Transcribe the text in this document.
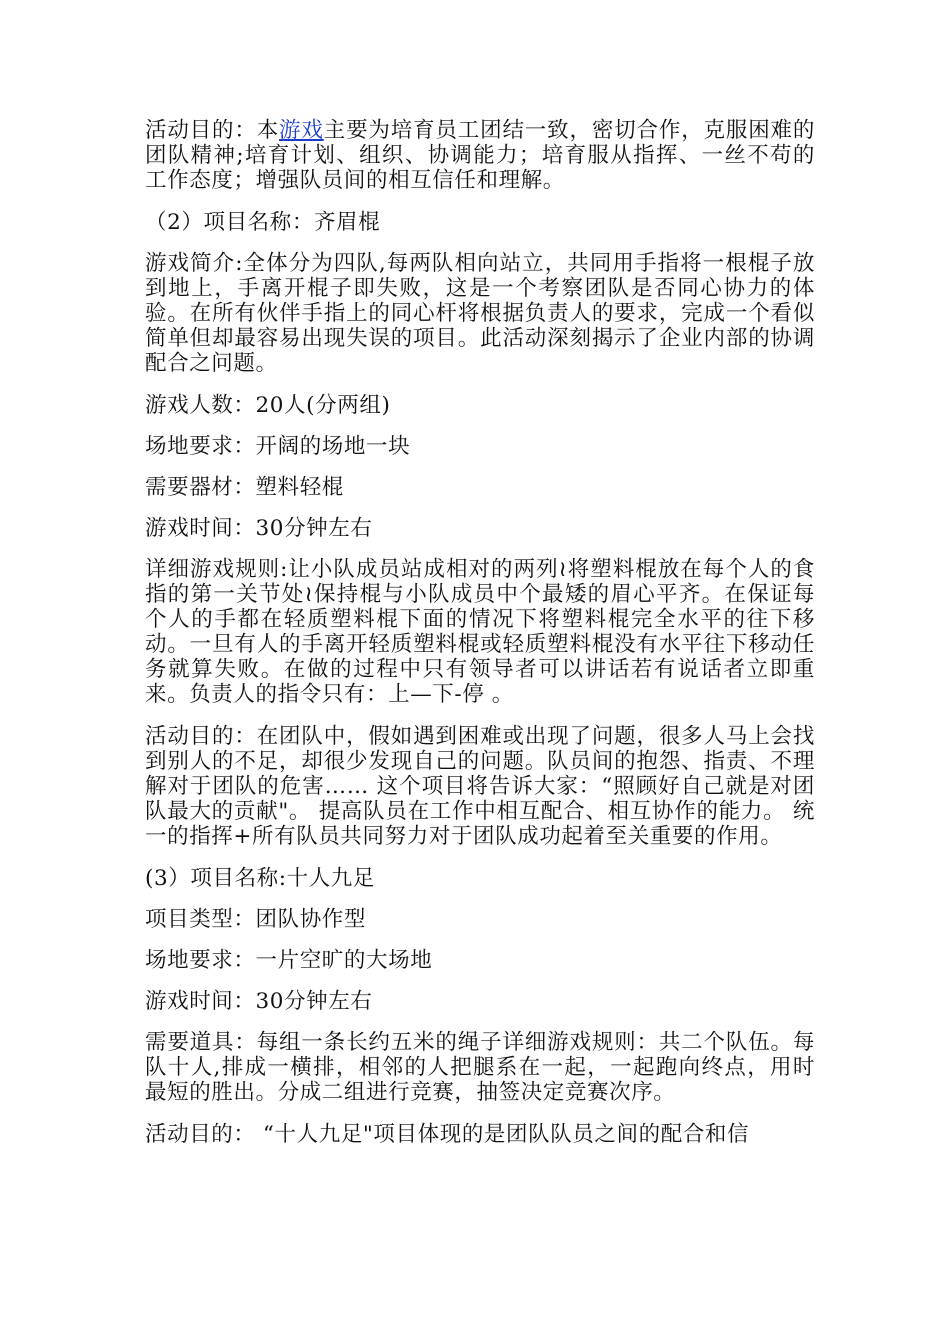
活动目的：本游戏主要为培育员工团结一致，密切合作，克服困难的团队精神;培育计划、组织、协调能力；培育服从指挥、一丝不苟的工作态度；增强队员间的相互信任和理解。

（2）项目名称：齐眉棍

游戏简介:全体分为四队,每两队相向站立，共同用手指将一根棍子放到地上，手离开棍子即失败，这是一个考察团队是否同心协力的体验。在所有伙伴手指上的同心杆将根据负责人的要求，完成一个看似简单但却最容易出现失误的项目。此活动深刻揭示了企业内部的协调配合之问题。

游戏人数：20人(分两组)

场地要求：开阔的场地一块

需要器材：塑料轻棍

游戏时间：30分钟左右

详细游戏规则:让小队成员站成相对的两列≀将塑料棍放在每个人的食指的第一关节处≀保持棍与小队成员中个最矮的眉心平齐。在保证每个人的手都在轻质塑料棍下面的情况下将塑料棍完全水平的往下移动。一旦有人的手离开轻质塑料棍或轻质塑料棍没有水平往下移动任务就算失败。在做的过程中只有领导者可以讲话若有说话者立即重来。负责人的指令只有：上—下-停 。

活动目的：在团队中，假如遇到困难或出现了问题，很多人马上会找到别人的不足，却很少发现自己的问题。队员间的抱怨、指责、不理解对于团队的危害…… 这个项目将告诉大家：“照顾好自己就是对团队最大的贡献"。 提高队员在工作中相互配合、相互协作的能力。 统一的指挥+所有队员共同努力对于团队成功起着至关重要的作用。

(3）项目名称:十人九足

项目类型：团队协作型

场地要求：一片空旷的大场地

游戏时间：30分钟左右

需要道具：每组一条长约五米的绳子详细游戏规则：共二个队伍。每队十人,排成一横排，相邻的人把腿系在一起，一起跑向终点，用时最短的胜出。分成二组进行竞赛，抽签决定竞赛次序。

活动目的： “十人九足"项目体现的是团队队员之间的配合和信
